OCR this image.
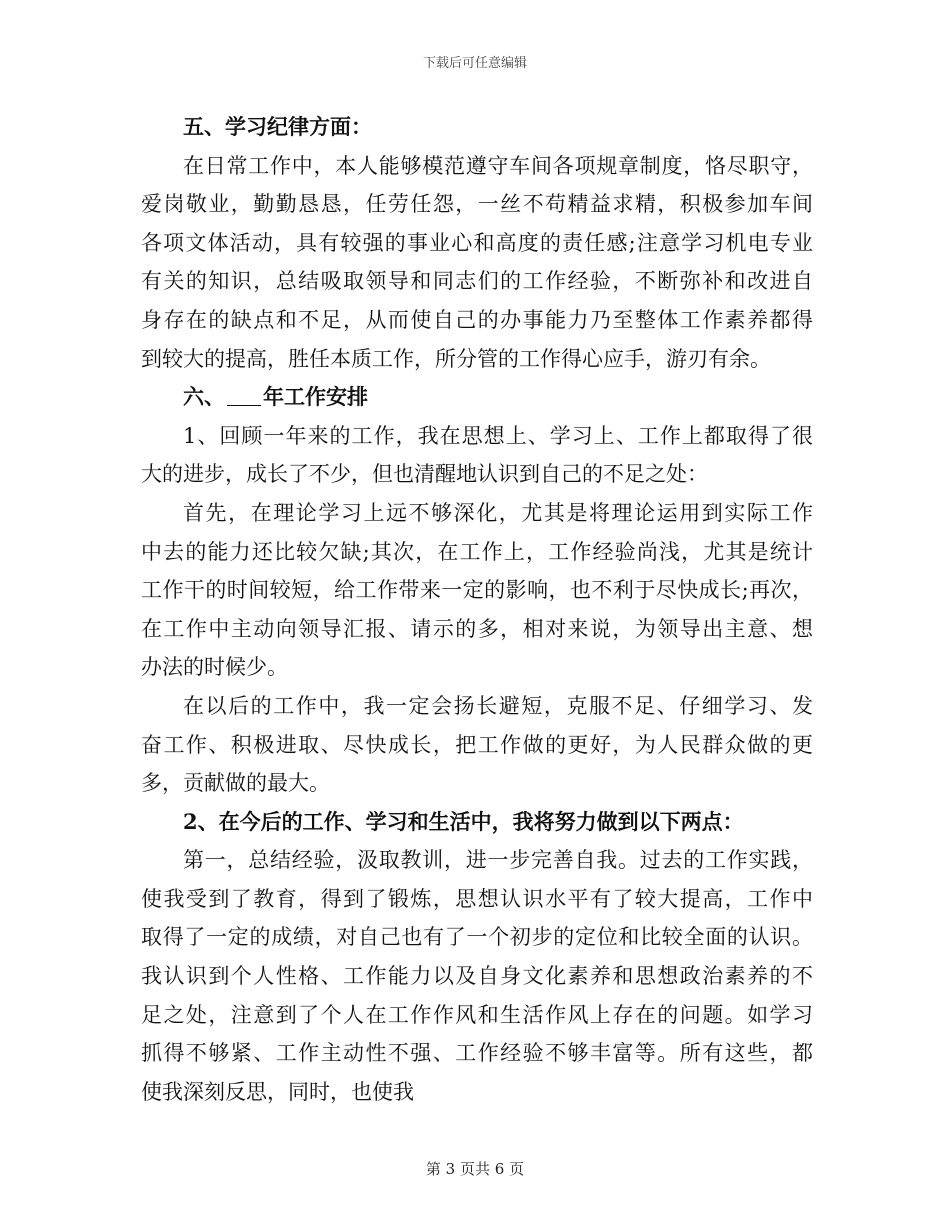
下载后可任意编辑
五、学习纪律方面：
在日常工作中，本人能够模范遵守车间各项规章制度，恪尽职守，
爱岗敬业，勤勤恳恳，任劳任怨，一丝不苟精益求精，积极参加车间
各项文体活动，具有较强的事业心和高度的责任感;注意学习机电专业
有关的知识，总结吸取领导和同志们的工作经验，不断弥补和改进自
身存在的缺点和不足，从而使自己的办事能力乃至整体工作素养都得
到较大的提高，胜任本质工作，所分管的工作得心应手，游刃有余。
六、 年工作安排
1、回顾一年来的工作，我在思想上、学习上、工作上都取得了很
大的进步，成长了不少，但也清醒地认识到自己的不足之处：
首先，在理论学习上远不够深化，尤其是将理论运用到实际工作
中去的能力还比较欠缺;其次，在工作上，工作经验尚浅，尤其是统计
工作干的时间较短，给工作带来一定的影响，也不利于尽快成长;再次，
在工作中主动向领导汇报、请示的多，相对来说，为领导出主意、想
办法的时候少。
在以后的工作中，我一定会扬长避短，克服不足、仔细学习、发
奋工作、积极进取、尽快成长，把工作做的更好，为人民群众做的更
多，贡献做的最大。
2、在今后的工作、学习和生活中，我将努力做到以下两点：
第一，总结经验，汲取教训，进一步完善自我。过去的工作实践，
使我受到了教育，得到了锻炼，思想认识水平有了较大提高，工作中
取得了一定的成绩，对自己也有了一个初步的定位和比较全面的认识。
我认识到个人性格、工作能力以及自身文化素养和思想政治素养的不
足之处，注意到了个人在工作作风和生活作风上存在的问题。如学习
抓得不够紧、工作主动性不强、工作经验不够丰富等。所有这些，都
使我深刻反思，同时，也使我
第 3 页共 6 页
